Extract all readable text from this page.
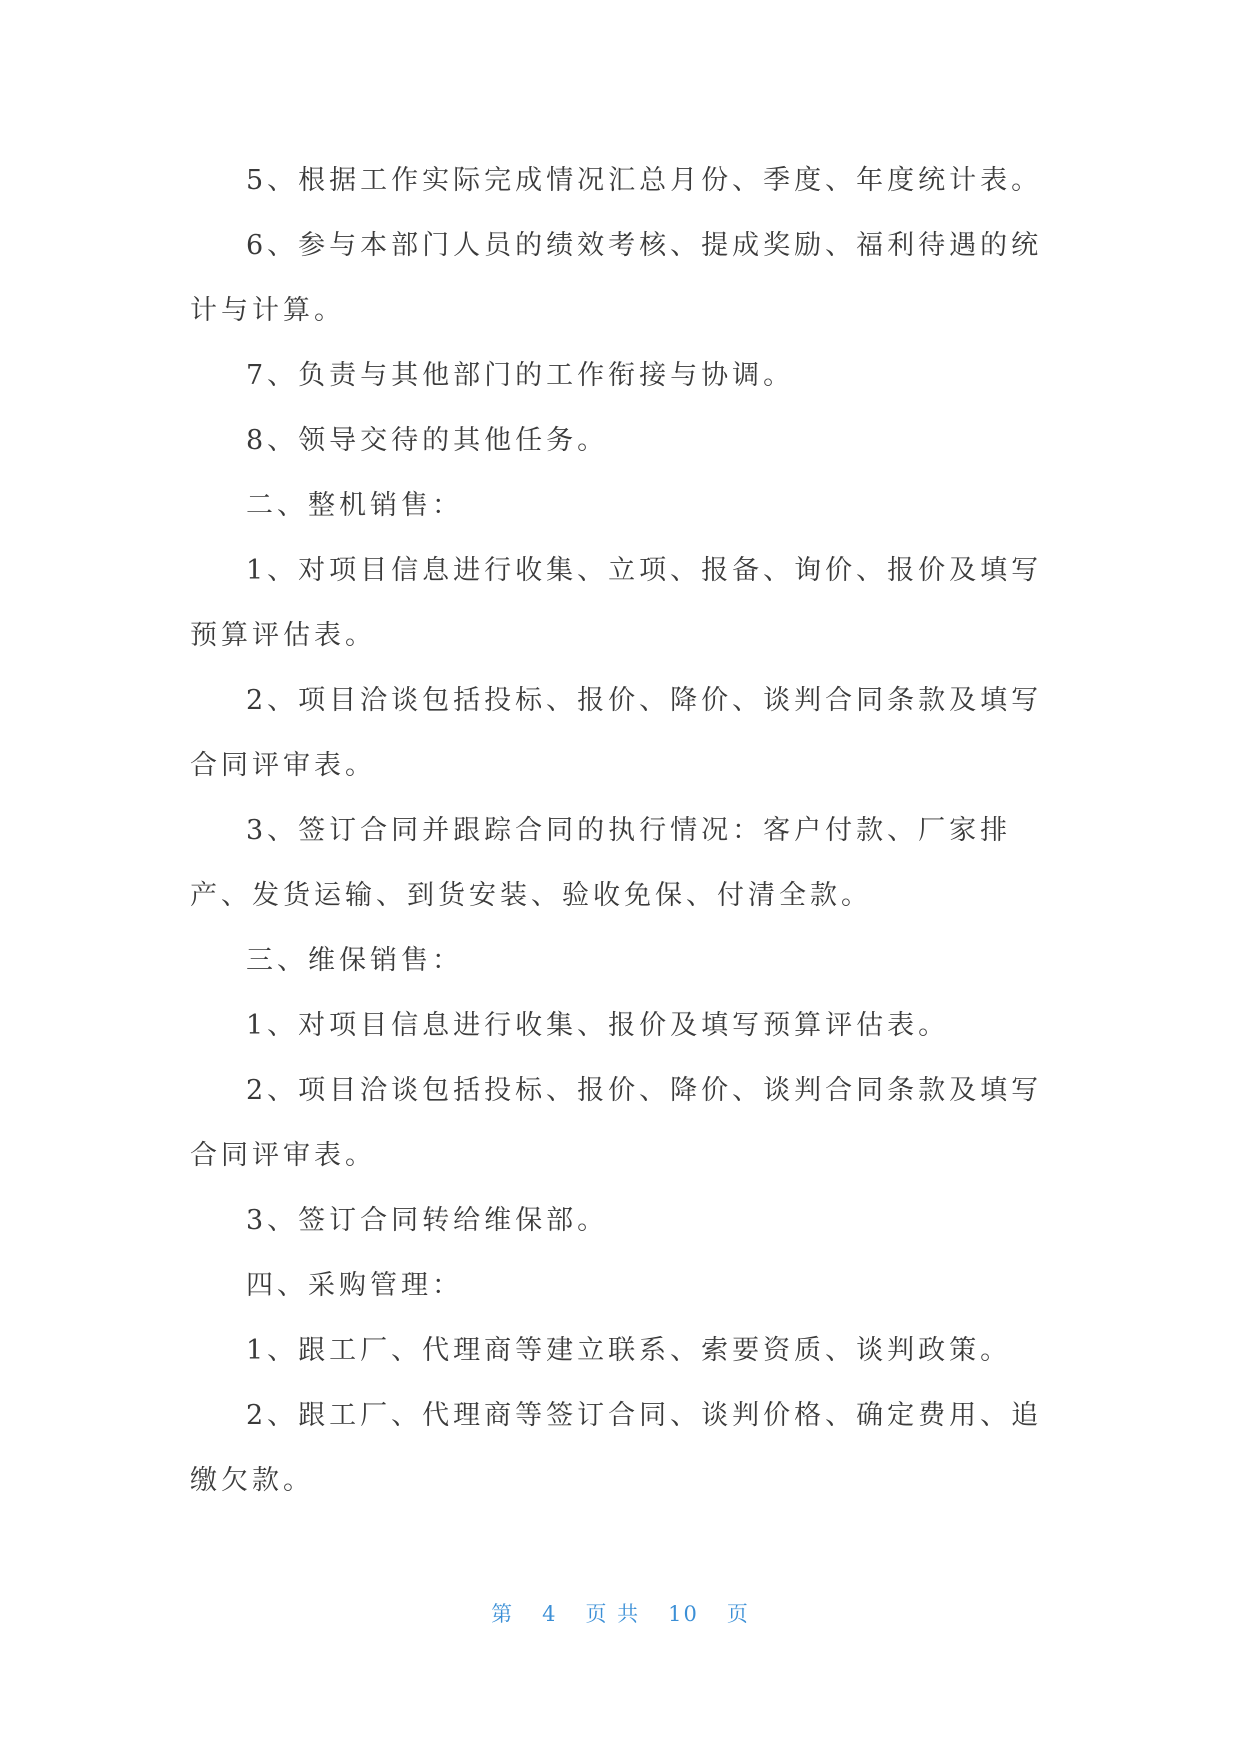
5、根据工作实际完成情况汇总月份、季度、年度统计表。

6、参与本部门人员的绩效考核、提成奖励、福利待遇的统计与计算。

7、负责与其他部门的工作衔接与协调。

8、领导交待的其他任务。

二、整机销售：

1、对项目信息进行收集、立项、报备、询价、报价及填写预算评估表。

2、项目洽谈包括投标、报价、降价、谈判合同条款及填写合同评审表。

3、签订合同并跟踪合同的执行情况：客户付款、厂家排产、发货运输、到货安装、验收免保、付清全款。

三、维保销售：

1、对项目信息进行收集、报价及填写预算评估表。

2、项目洽谈包括投标、报价、降价、谈判合同条款及填写合同评审表。

3、签订合同转给维保部。

四、采购管理：

1、跟工厂、代理商等建立联系、索要资质、谈判政策。

2、跟工厂、代理商等签订合同、谈判价格、确定费用、追缴欠款。

第 4 页 共 10 页
